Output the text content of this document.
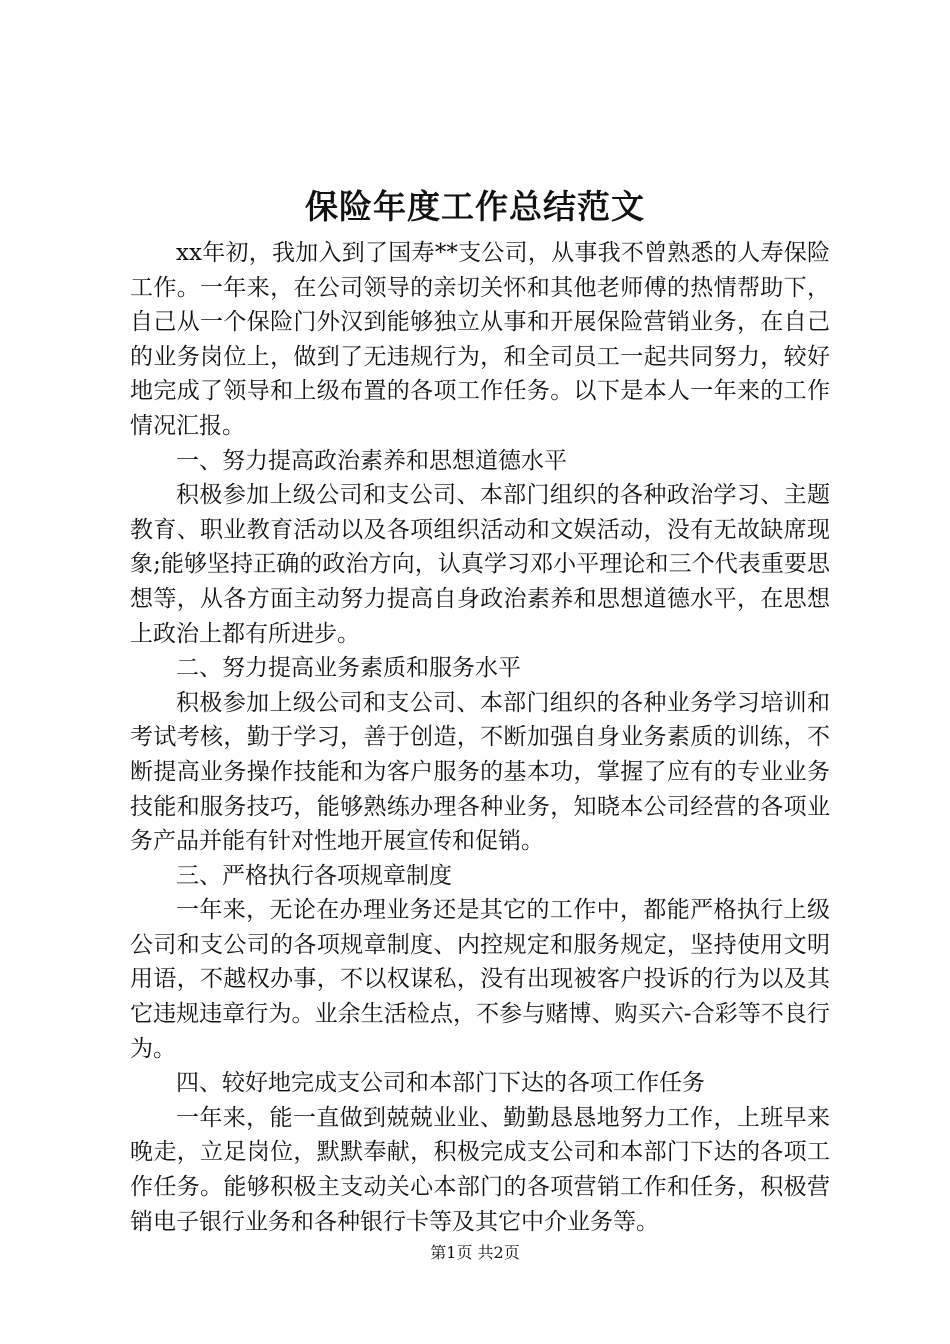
保险年度工作总结范文

xx年初，我加入到了国寿**支公司，从事我不曾熟悉的人寿保险工作。一年来，在公司领导的亲切关怀和其他老师傅的热情帮助下，自己从一个保险门外汉到能够独立从事和开展保险营销业务，在自己的业务岗位上，做到了无违规行为，和全司员工一起共同努力，较好地完成了领导和上级布置的各项工作任务。以下是本人一年来的工作情况汇报。

一、努力提高政治素养和思想道德水平

积极参加上级公司和支公司、本部门组织的各种政治学习、主题教育、职业教育活动以及各项组织活动和文娱活动，没有无故缺席现象;能够坚持正确的政治方向，认真学习邓小平理论和三个代表重要思想等，从各方面主动努力提高自身政治素养和思想道德水平，在思想上政治上都有所进步。

二、努力提高业务素质和服务水平

积极参加上级公司和支公司、本部门组织的各种业务学习培训和考试考核，勤于学习，善于创造，不断加强自身业务素质的训练，不断提高业务操作技能和为客户服务的基本功，掌握了应有的专业业务技能和服务技巧，能够熟练办理各种业务，知晓本公司经营的各项业务产品并能有针对性地开展宣传和促销。

三、严格执行各项规章制度

一年来，无论在办理业务还是其它的工作中，都能严格执行上级公司和支公司的各项规章制度、内控规定和服务规定，坚持使用文明用语，不越权办事，不以权谋私，没有出现被客户投诉的行为以及其它违规违章行为。业余生活检点，不参与赌博、购买六-合彩等不良行为。

四、较好地完成支公司和本部门下达的各项工作任务

一年来，能一直做到兢兢业业、勤勤恳恳地努力工作，上班早来晚走，立足岗位，默默奉献，积极完成支公司和本部门下达的各项工作任务。能够积极主支动关心本部门的各项营销工作和任务，积极营销电子银行业务和各种银行卡等及其它中介业务等。

第1页 共2页
